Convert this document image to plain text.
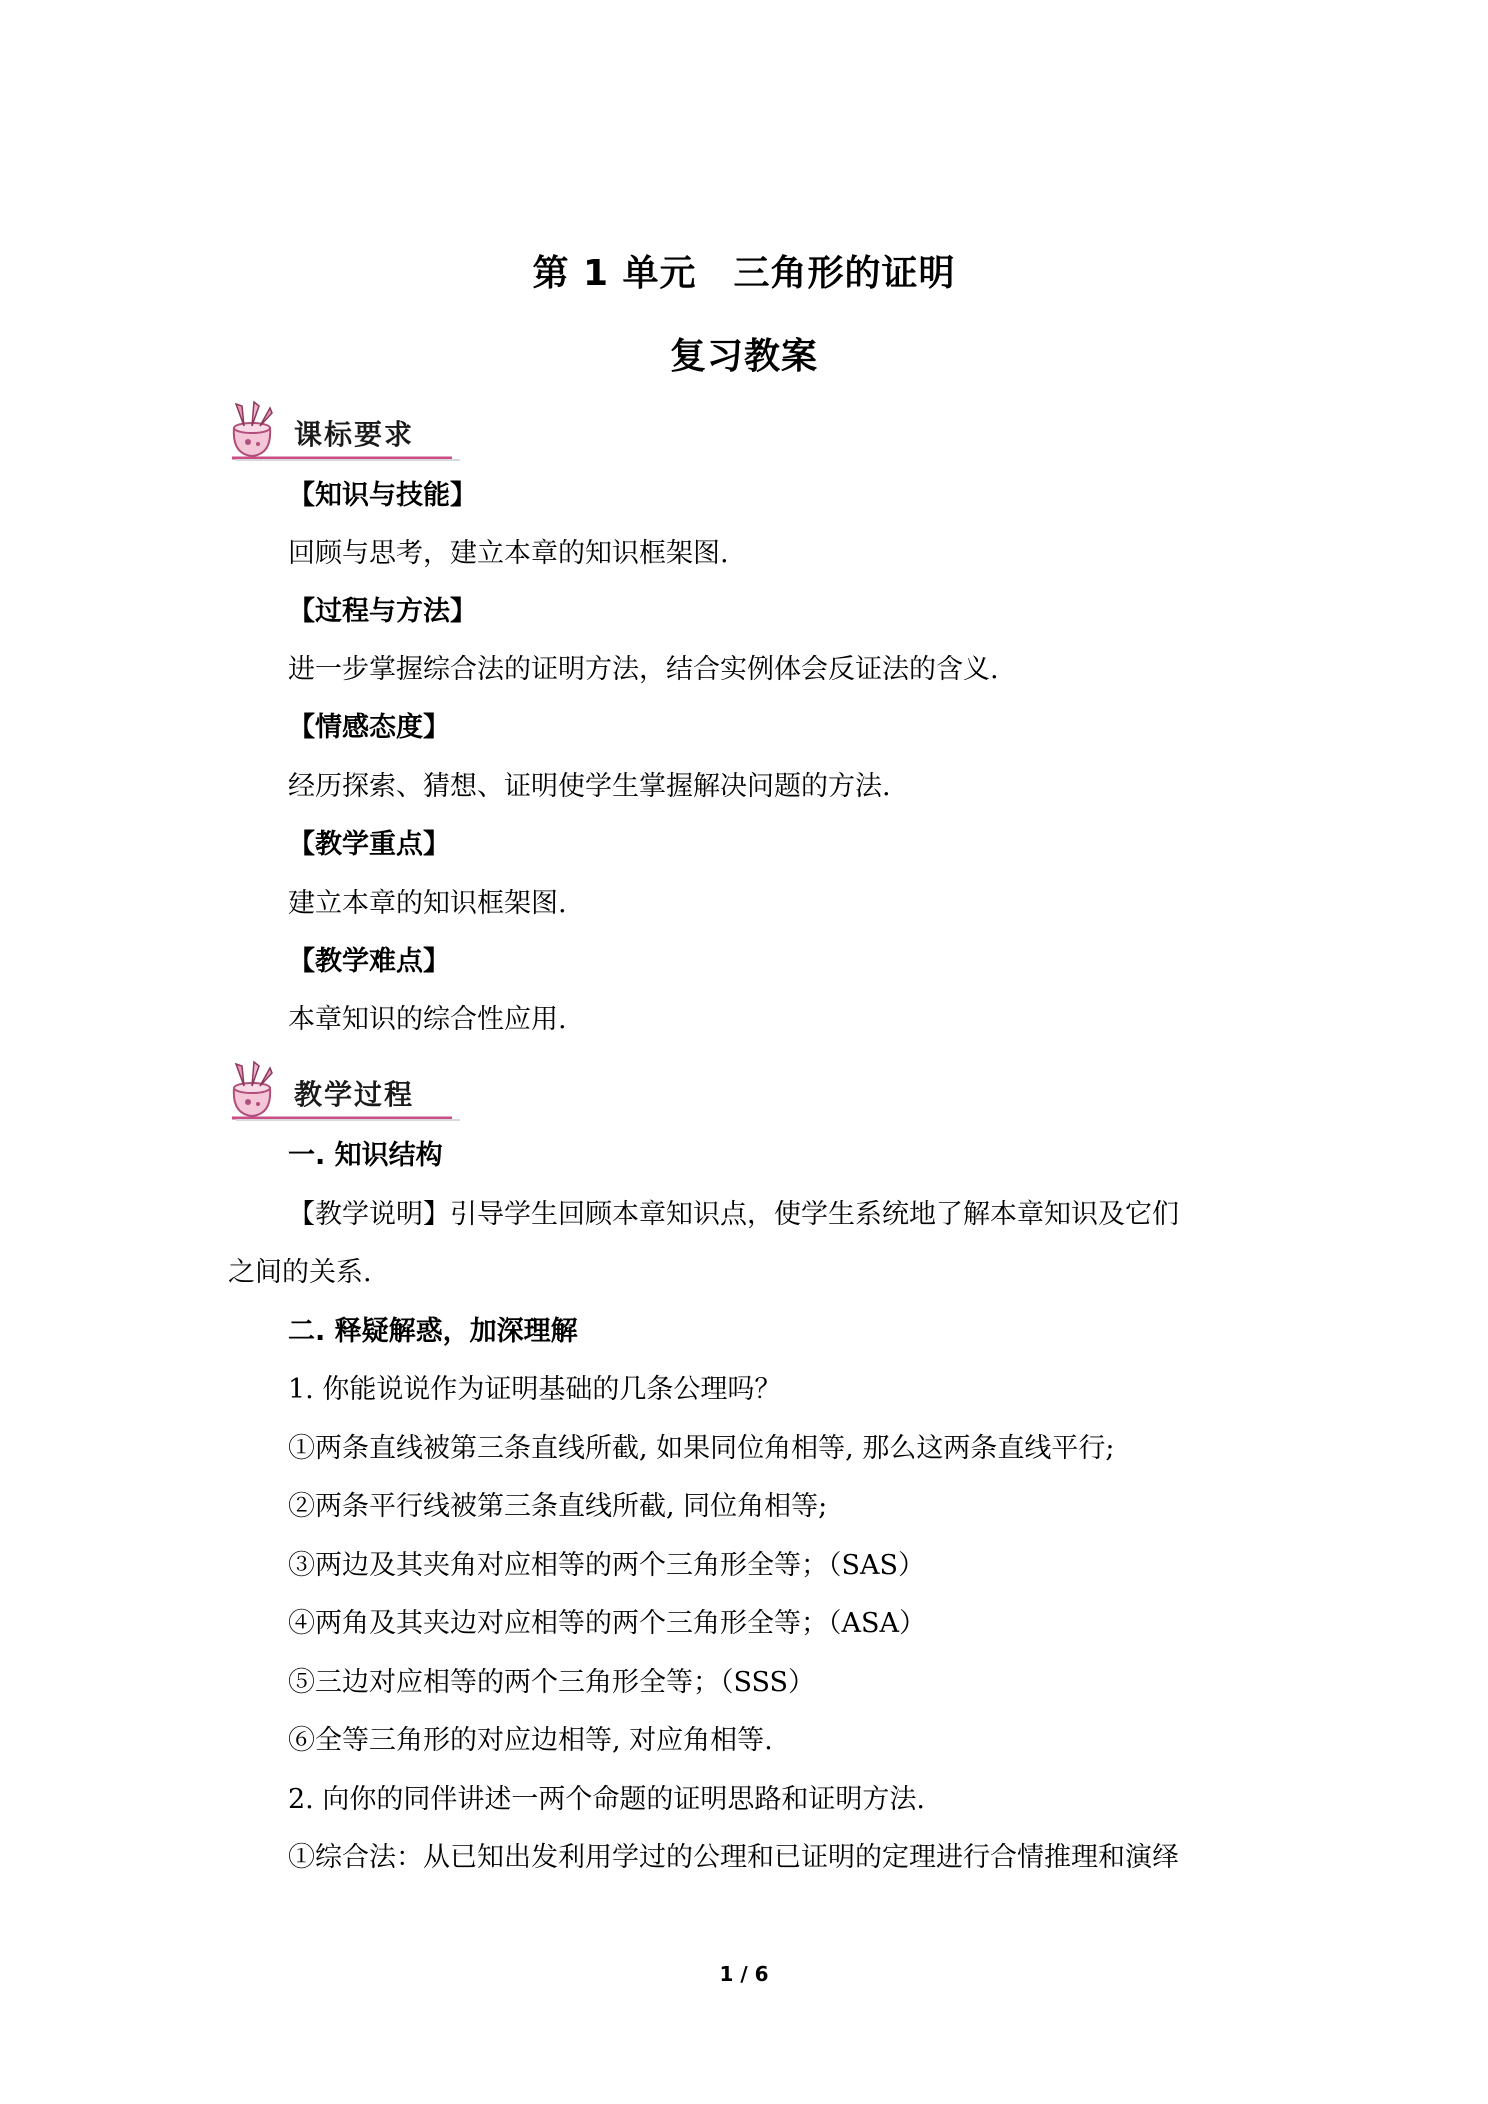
第 1 单元　三角形的证明
复习教案
课标要求
【知识与技能】
回顾与思考，建立本章的知识框架图.
【过程与方法】
进一步掌握综合法的证明方法，结合实例体会反证法的含义.
【情感态度】
经历探索、猜想、证明使学生掌握解决问题的方法.
【教学重点】
建立本章的知识框架图.
【教学难点】
本章知识的综合性应用.
教学过程
一. 知识结构
【教学说明】引导学生回顾本章知识点，使学生系统地了解本章知识及它们
之间的关系.
二. 释疑解惑，加深理解
1. 你能说说作为证明基础的几条公理吗？
①两条直线被第三条直线所截, 如果同位角相等, 那么这两条直线平行;
②两条平行线被第三条直线所截, 同位角相等;
③两边及其夹角对应相等的两个三角形全等；（SAS）
④两角及其夹边对应相等的两个三角形全等；（ASA）
⑤三边对应相等的两个三角形全等；（SSS）
⑥全等三角形的对应边相等, 对应角相等.
2. 向你的同伴讲述一两个命题的证明思路和证明方法.
①综合法：从已知出发利用学过的公理和已证明的定理进行合情推理和演绎
1 / 6
